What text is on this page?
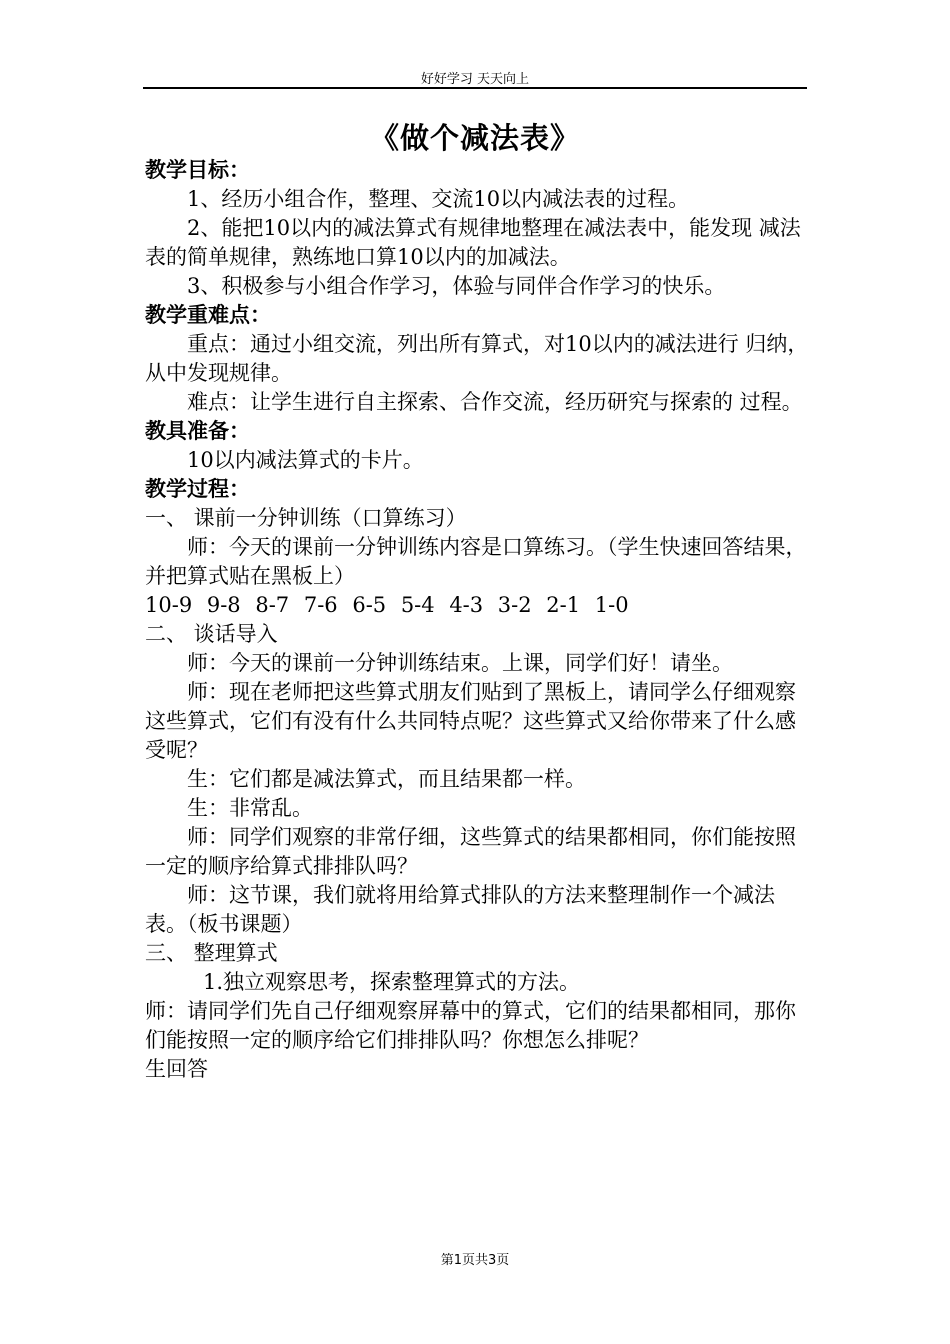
好好学习 天天向上
《做个减法表》
教学目标：

1、经历小组合作，整理、交流10以内减法表的过程。

2、能把10以内的减法算式有规律地整理在减法表中，能发现 减法表的简单规律，熟练地口算10以内的加减法。

3、积极参与小组合作学习，体验与同伴合作学习的快乐。

教学重难点：

重点：通过小组交流，列出所有算式，对10以内的减法进行 归纳，从中发现规律。

难点：让学生进行自主探索、合作交流，经历研究与探索的 过程。

教具准备：

10以内减法算式的卡片。

教学过程：

一、 课前一分钟训练（口算练习）

师：今天的课前一分钟训练内容是口算练习。（学生快速回答结果，并把算式贴在黑板上）

10-9 9-8 8-7 7-6 6-5 5-4 4-3 3-2 2-1 1-0

二、 谈话导入

师：今天的课前一分钟训练结束。上课，同学们好！请坐。

师：现在老师把这些算式朋友们贴到了黑板上，请同学么仔细观察这些算式，它们有没有什么共同特点呢？这些算式又给你带来了什么感受呢？

生：它们都是减法算式，而且结果都一样。

生：非常乱。

师：同学们观察的非常仔细，这些算式的结果都相同，你们能按照一定的顺序给算式排排队吗？

师：这节课，我们就将用给算式排队的方法来整理制作一个减法表。（板书课题）

三、 整理算式

1.独立观察思考，探索整理算式的方法。

师：请同学们先自己仔细观察屏幕中的算式，它们的结果都相同，那你们能按照一定的顺序给它们排排队吗？你想怎么排呢？

生回答

第1页共3页
